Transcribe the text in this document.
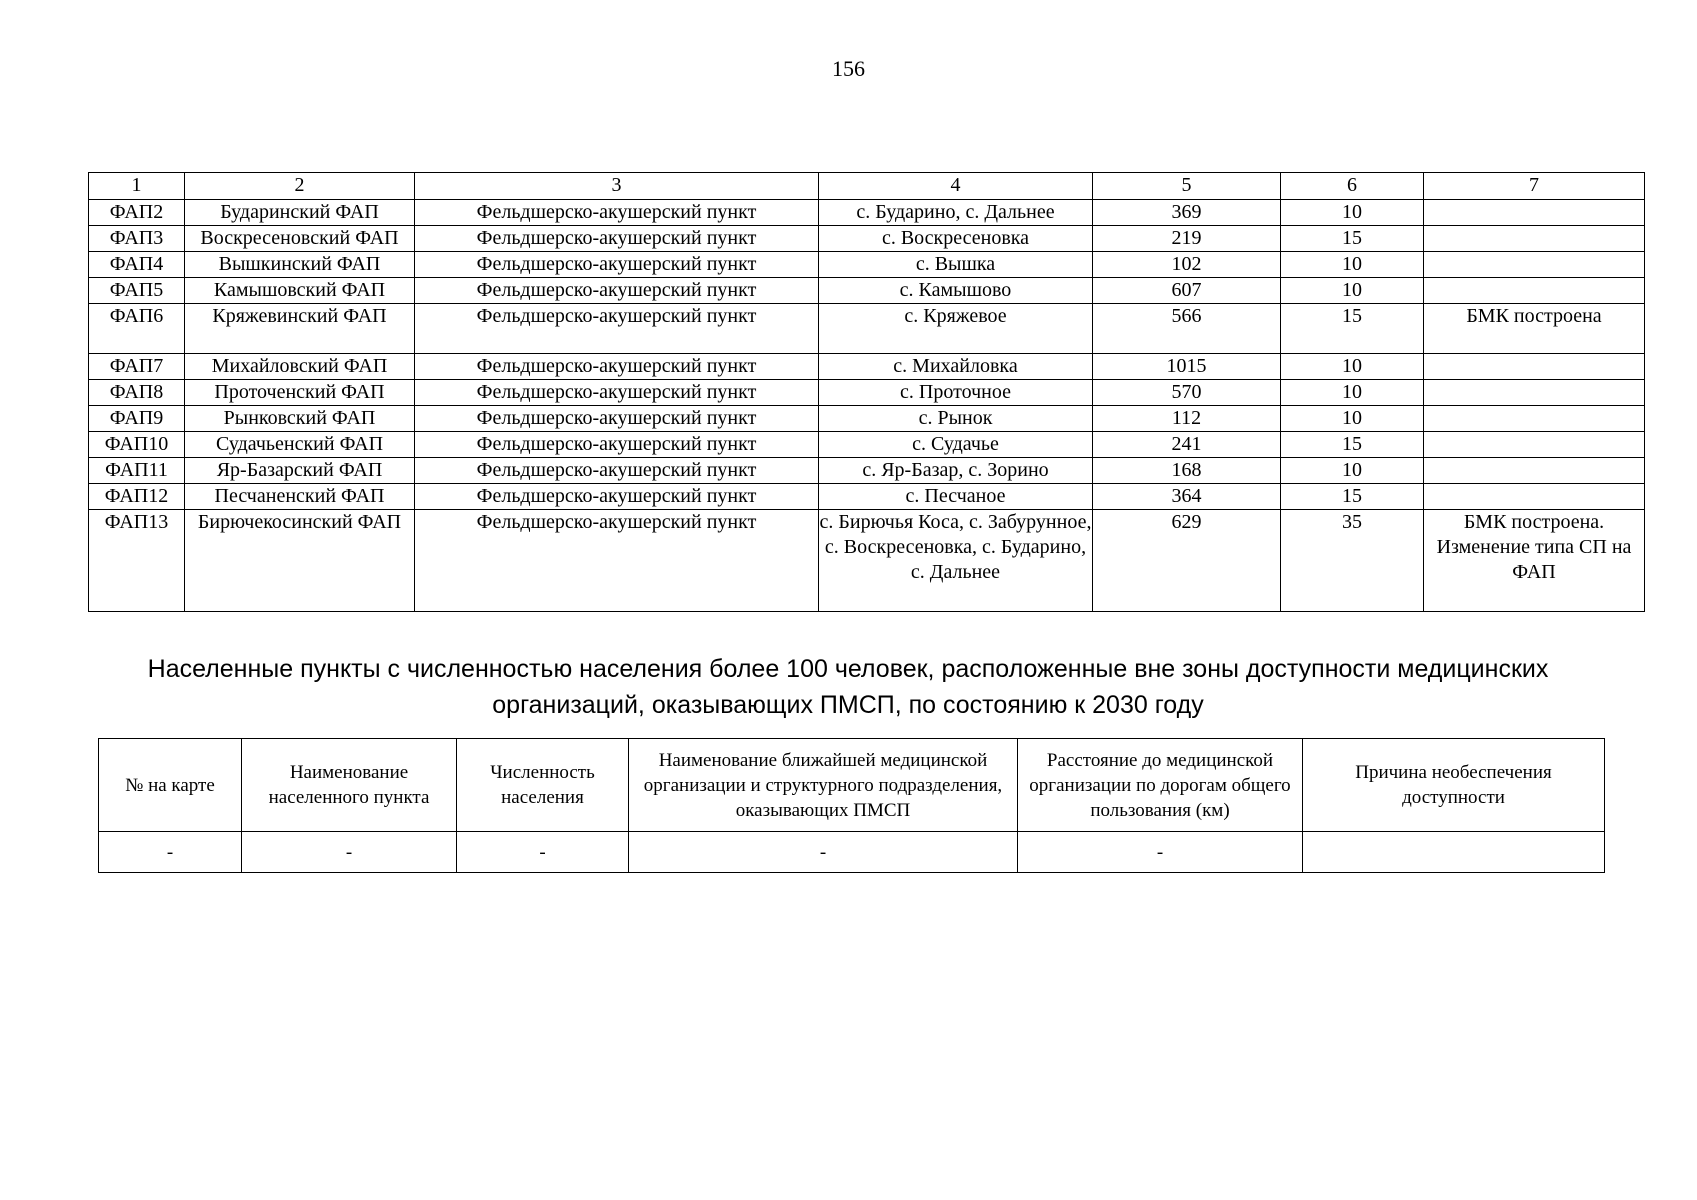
156
1	2	3	4	5	6	7
ФАП2	Бударинский ФАП	Фельдшерско-акушерский пункт	с. Бударино, с. Дальнее	369	10	
ФАП3	Воскресеновский ФАП	Фельдшерско-акушерский пункт	с. Воскресеновка	219	15	
ФАП4	Вышкинский ФАП	Фельдшерско-акушерский пункт	с. Вышка	102	10	
ФАП5	Камышовский ФАП	Фельдшерско-акушерский пункт	с. Камышово	607	10	
ФАП6	Кряжевинский ФАП	Фельдшерско-акушерский пункт	с. Кряжевое	566	15	БМК построена
ФАП7	Михайловский ФАП	Фельдшерско-акушерский пункт	с. Михайловка	1015	10	
ФАП8	Проточенский ФАП	Фельдшерско-акушерский пункт	с. Проточное	570	10	
ФАП9	Рынковский ФАП	Фельдшерско-акушерский пункт	с. Рынок	112	10	
ФАП10	Судачьенский ФАП	Фельдшерско-акушерский пункт	с. Судачье	241	15	
ФАП11	Яр-Базарский ФАП	Фельдшерско-акушерский пункт	с. Яр-Базар, с. Зорино	168	10	
ФАП12	Песчаненский ФАП	Фельдшерско-акушерский пункт	с. Песчаное	364	15	
ФАП13	Бирючекосинский ФАП	Фельдшерско-акушерский пункт	с. Бирючья Коса, с. Забурунное, с. Воскресеновка, с. Бударино, с. Дальнее	629	35	БМК построена. Изменение типа СП на ФАП
Населенные пункты с численностью населения более 100 человек, расположенные вне зоны доступности медицинских организаций, оказывающих ПМСП, по состоянию к 2030 году
№ на карте	Наименование населенного пункта	Численность населения	Наименование ближайшей медицинской организации и структурного подразделения, оказывающих ПМСП	Расстояние до медицинской организации по дорогам общего пользования (км)	Причина необеспечения доступности
-	-	-	-	-	
